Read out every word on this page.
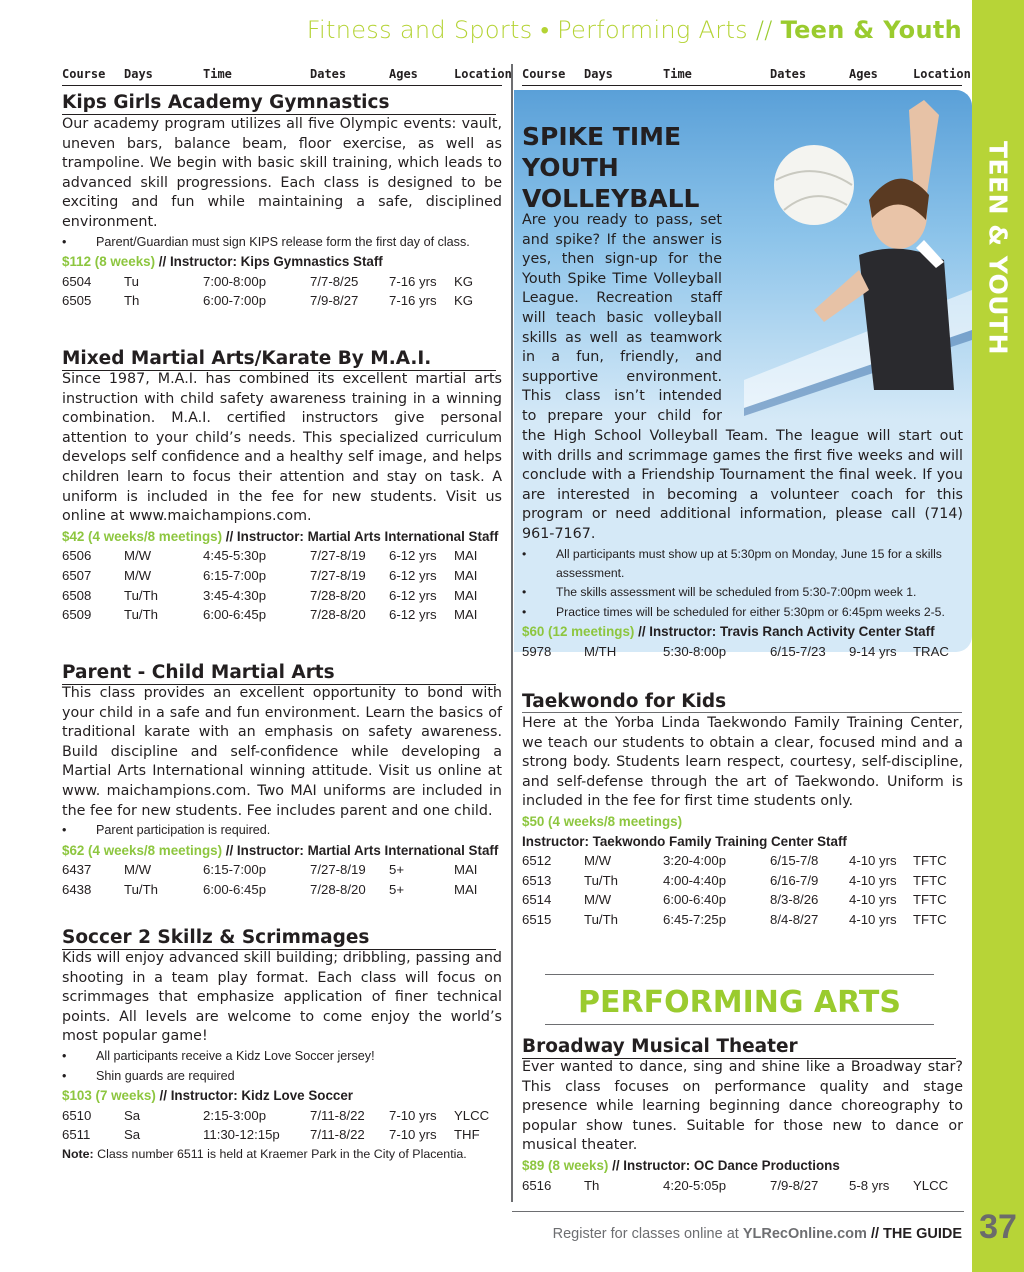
Fitness and Sports • Performing Arts // Teen & Youth
TEEN & YOUTH
37
Course Days	Time	Dates	Ages	Location Course Days	Time	Dates	Ages	Location
Kips Girls Academy Gymnastics

Our academy program utilizes all five Olympic events: vault, uneven bars, balance beam, floor exercise, as well as trampoline. We begin with basic skill training, which leads to advanced skill progressions. Each class is designed to be exciting and fun while maintaining a safe, disciplined environment.

• Parent/Guardian must sign KIPS release form the first day of class.
$112 (8 weeks) // Instructor: Kips Gymnastics Staff
6504 Tu	7:00-8:00p	7/7-8/25 7-16 yrs KG
6505 Th	6:00-7:00p	7/9-8/27 7-16 yrs KG
Mixed Martial Arts/Karate By M.A.I.

Since 1987, M.A.I. has combined its excellent martial arts instruction with child safety awareness training in a winning combination. M.A.I. certified instructors give personal attention to your child’s needs. This specialized curriculum develops self confidence and a healthy self image, and helps children learn to focus their attention and stay on task. A uniform is included in the fee for new students. Visit us online at www.maichampions.com.

$42 (4 weeks/8 meetings) // Instructor: Martial Arts International Staff
6506 M/W	4:45-5:30p	7/27-8/19 6-12 yrs MAI
6507 M/W	6:15-7:00p	7/27-8/19 6-12 yrs MAI
6508 Tu/Th	3:45-4:30p	7/28-8/20 6-12 yrs MAI
6509 Tu/Th	6:00-6:45p	7/28-8/20 6-12 yrs MAI
Parent - Child Martial Arts

This class provides an excellent opportunity to bond with your child in a safe and fun environment. Learn the basics of traditional karate with an emphasis on safety awareness. Build discipline and self-confidence while developing a Martial Arts International winning attitude. Visit us online at www. maichampions.com. Two MAI uniforms are included in the fee for new students. Fee includes parent and one child.

• Parent participation is required.
$62 (4 weeks/8 meetings) // Instructor: Martial Arts International Staff
6437 M/W	6:15-7:00p	7/27-8/19 5+	MAI
6438 Tu/Th	6:00-6:45p	7/28-8/20 5+	MAI
Soccer 2 Skillz & Scrimmages

Kids will enjoy advanced skill building; dribbling, passing and shooting in a team play format. Each class will focus on scrimmages that emphasize application of finer technical points. All levels are welcome to come enjoy the world’s most popular game!

• All participants receive a Kidz Love Soccer jersey!
• Shin guards are required
$103 (7 weeks) // Instructor: Kidz Love Soccer
6510 Sa	2:15-3:00p	7/11-8/22 7-10 yrs YLCC
6511	Sa	11:30-12:15p 7/11-8/22 7-10 yrs THF
Note: Class number 6511 is held at Kraemer Park in the City of Placentia.
SPIKE TIME
YOUTH
VOLLEYBALL
Are you ready to pass, set
and spike? If the answer is
yes, then sign-up for the
Youth Spike Time Volleyball
League. Recreation staff
will teach basic volleyball
skills as well as teamwork
in a fun, friendly, and
supportive environment.
This class isn’t intended
to prepare your child for

the High School Volleyball Team. The league will start out with drills and scrimmage games the first five weeks and will conclude with a Friendship Tournament the final week. If you are interested in becoming a volunteer coach for this program or need additional information, please call (714) 961-7167.

• All participants must show up at 5:30pm on Monday, June 15 for a skills assessment.
• The skills assessment will be scheduled from 5:30-7:00pm week 1.
• Practice times will be scheduled for either 5:30pm or 6:45pm weeks 2-5.
$60 (12 meetings) // Instructor: Travis Ranch Activity Center Staff
5978 M/TH	5:30-8:00p	6/15-7/23 9-14 yrs TRAC
Taekwondo for Kids

Here at the Yorba Linda Taekwondo Family Training Center, we teach our students to obtain a clear, focused mind and a strong body. Students learn respect, courtesy, self-discipline, and self-defense through the art of Taekwondo. Uniform is included in the fee for first time students only.

$50 (4 weeks/8 meetings)
Instructor: Taekwondo Family Training Center Staff
6512 M/W	3:20-4:00p	6/15-7/8 4-10 yrs TFTC
6513 Tu/Th	4:00-4:40p	6/16-7/9 4-10 yrs TFTC
6514 M/W	6:00-6:40p	8/3-8/26 4-10 yrs TFTC
6515 Tu/Th	6:45-7:25p	8/4-8/27 4-10 yrs TFTC
PERFORMING ARTS
Broadway Musical Theater

Ever wanted to dance, sing and shine like a Broadway star? This class focuses on performance quality and stage presence while learning beginning dance choreography to popular show tunes. Suitable for those new to dance or musical theater.

$89 (8 weeks) // Instructor: OC Dance Productions
6516 Th	4:20-5:05p	7/9-8/27 5-8 yrs YLCC
Register for classes online at YLRecOnline.com // THE GUIDE
